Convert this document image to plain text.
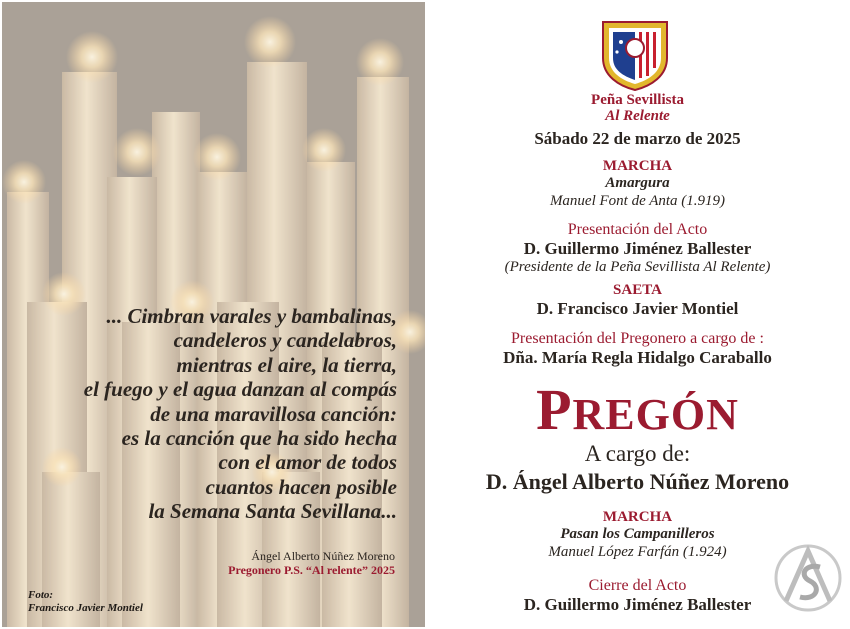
... Cimbran varales y bambalinas,
candeleros y candelabros,
mientras el aire, la tierra,
el fuego y el agua danzan al compás
de una maravillosa canción:
es la canción que ha sido hecha
con el amor de todos
cuantos hacen posible
la Semana Santa Sevillana...
Ángel Alberto Núñez Moreno
Pregonero P.S. “Al relente” 2025
Foto:
Francisco Javier Montiel
Peña Sevillista
Al Relente
Sábado 22 de marzo de 2025
MARCHA
Amargura
Manuel Font de Anta (1.919)
Presentación del Acto
D. Guillermo Jiménez Ballester
(Presidente de la Peña Sevillista Al Relente)
SAETA
D. Francisco Javier Montiel
Presentación del Pregonero a cargo de :
Dña. María Regla Hidalgo Caraballo
PREGÓN
A cargo de:
D. Ángel Alberto Núñez Moreno
MARCHA
Pasan los Campanilleros
Manuel López Farfán (1.924)
Cierre del Acto
D. Guillermo Jiménez Ballester
